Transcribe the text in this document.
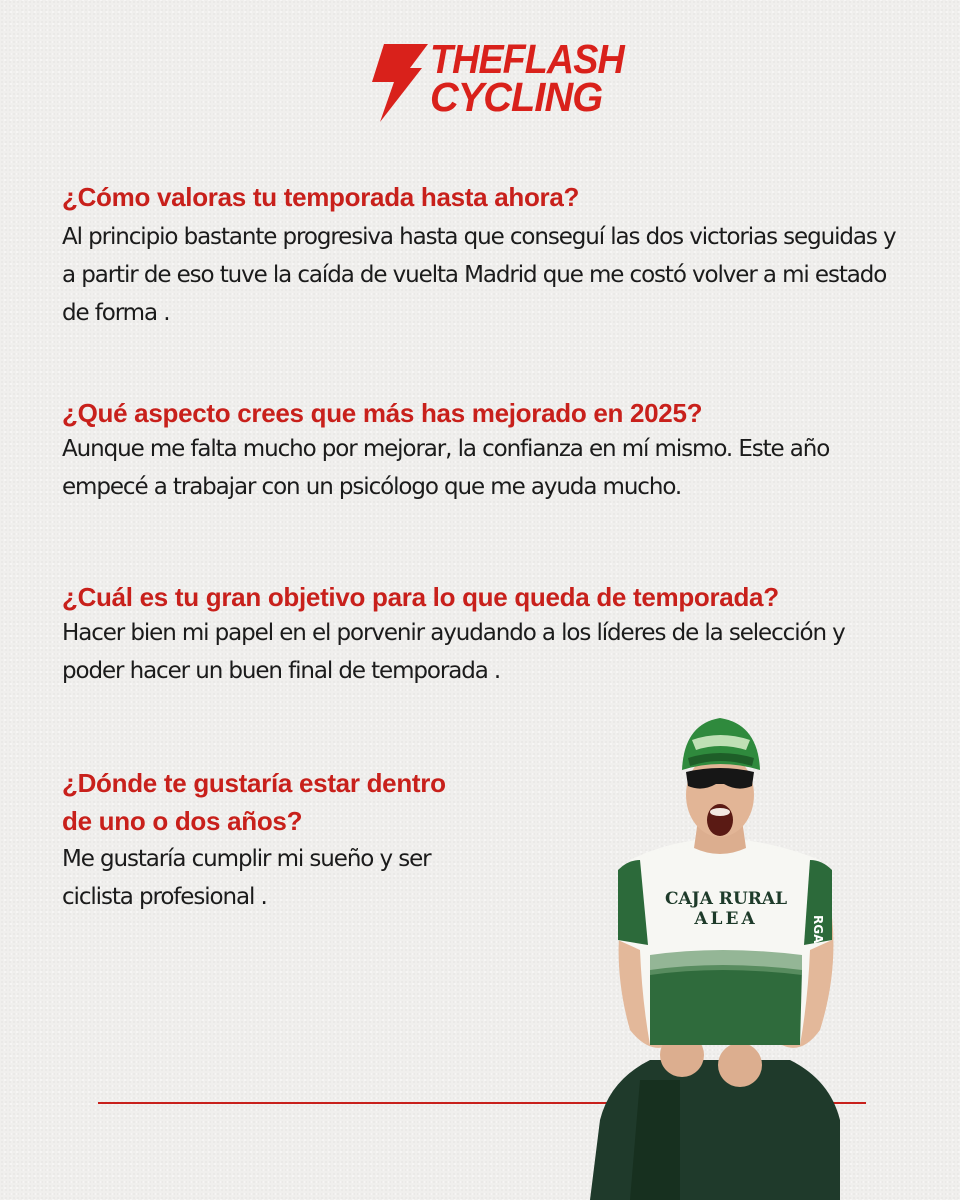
THEFLASH
CYCLING

¿Cómo valoras tu temporada hasta ahora?

Al principio bastante progresiva hasta que conseguí las dos victorias seguidas y
a partir de eso tuve la caída de vuelta Madrid que me costó volver a mi estado
de forma .

¿Qué aspecto crees que más has mejorado en 2025?

Aunque me falta mucho por mejorar, la confianza en mí mismo. Este año
empecé a trabajar con un psicólogo que me ayuda mucho.

¿Cuál es tu gran objetivo para lo que queda de temporada?

Hacer bien mi papel en el porvenir ayudando a los líderes de la selección y
poder hacer un buen final de temporada .
¿Dónde te gustaría estar dentro
de uno o dos años?
Me gustaría cumplir mi sueño y ser
ciclista profesional .	CAJA RURAL
ALEA	RGA
